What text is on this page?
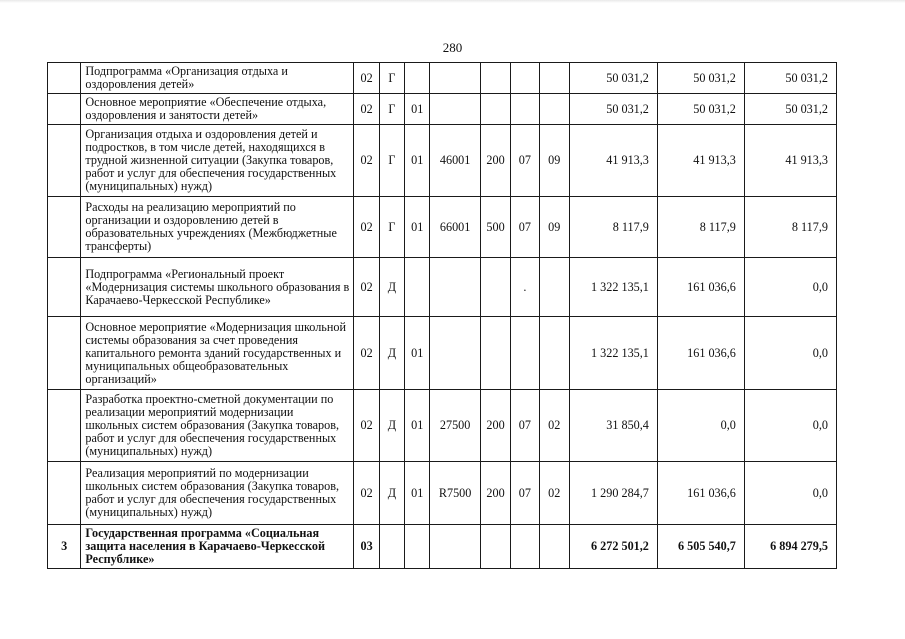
280
	Подпрограмма «Организация отдыха и оздоровления детей»	02	Г						50 031,2	50 031,2	50 031,2
	Основное мероприятие «Обеспечение отдыха, оздоровления и занятости детей»	02	Г	01					50 031,2	50 031,2	50 031,2
	Организация отдыха и оздоровления детей и подростков, в том числе детей, находящихся в трудной жизненной ситуации (Закупка товаров, работ и услуг для обеспечения государственных (муниципальных) нужд)	02	Г	01	46001	200	07	09	41 913,3	41 913,3	41 913,3
	Расходы на реализацию мероприятий по организации и оздоровлению детей в образовательных учреждениях (Межбюджетные трансферты)	02	Г	01	66001	500	07	09	8 117,9	8 117,9	8 117,9
	Подпрограмма «Региональный проект «Модернизация системы школьного образования в Карачаево-Черкесской Республике»	02	Д				.		1 322 135,1	161 036,6	0,0
	Основное мероприятие «Модернизация школьной системы образования за счет проведения капитального ремонта зданий государственных и муниципальных общеобразовательных организаций»	02	Д	01					1 322 135,1	161 036,6	0,0
	Разработка проектно-сметной документации по реализации мероприятий модернизации школьных систем образования (Закупка товаров, работ и услуг для обеспечения государственных (муниципальных) нужд)	02	Д	01	27500	200	07	02	31 850,4	0,0	0,0
	Реализация мероприятий по модернизации школьных систем образования (Закупка товаров, работ и услуг для обеспечения государственных (муниципальных) нужд)	02	Д	01	R7500	200	07	02	1 290 284,7	161 036,6	0,0
3	Государственная программа «Социальная защита населения в Карачаево-Черкесской Республике»	03							6 272 501,2	6 505 540,7	6 894 279,5
